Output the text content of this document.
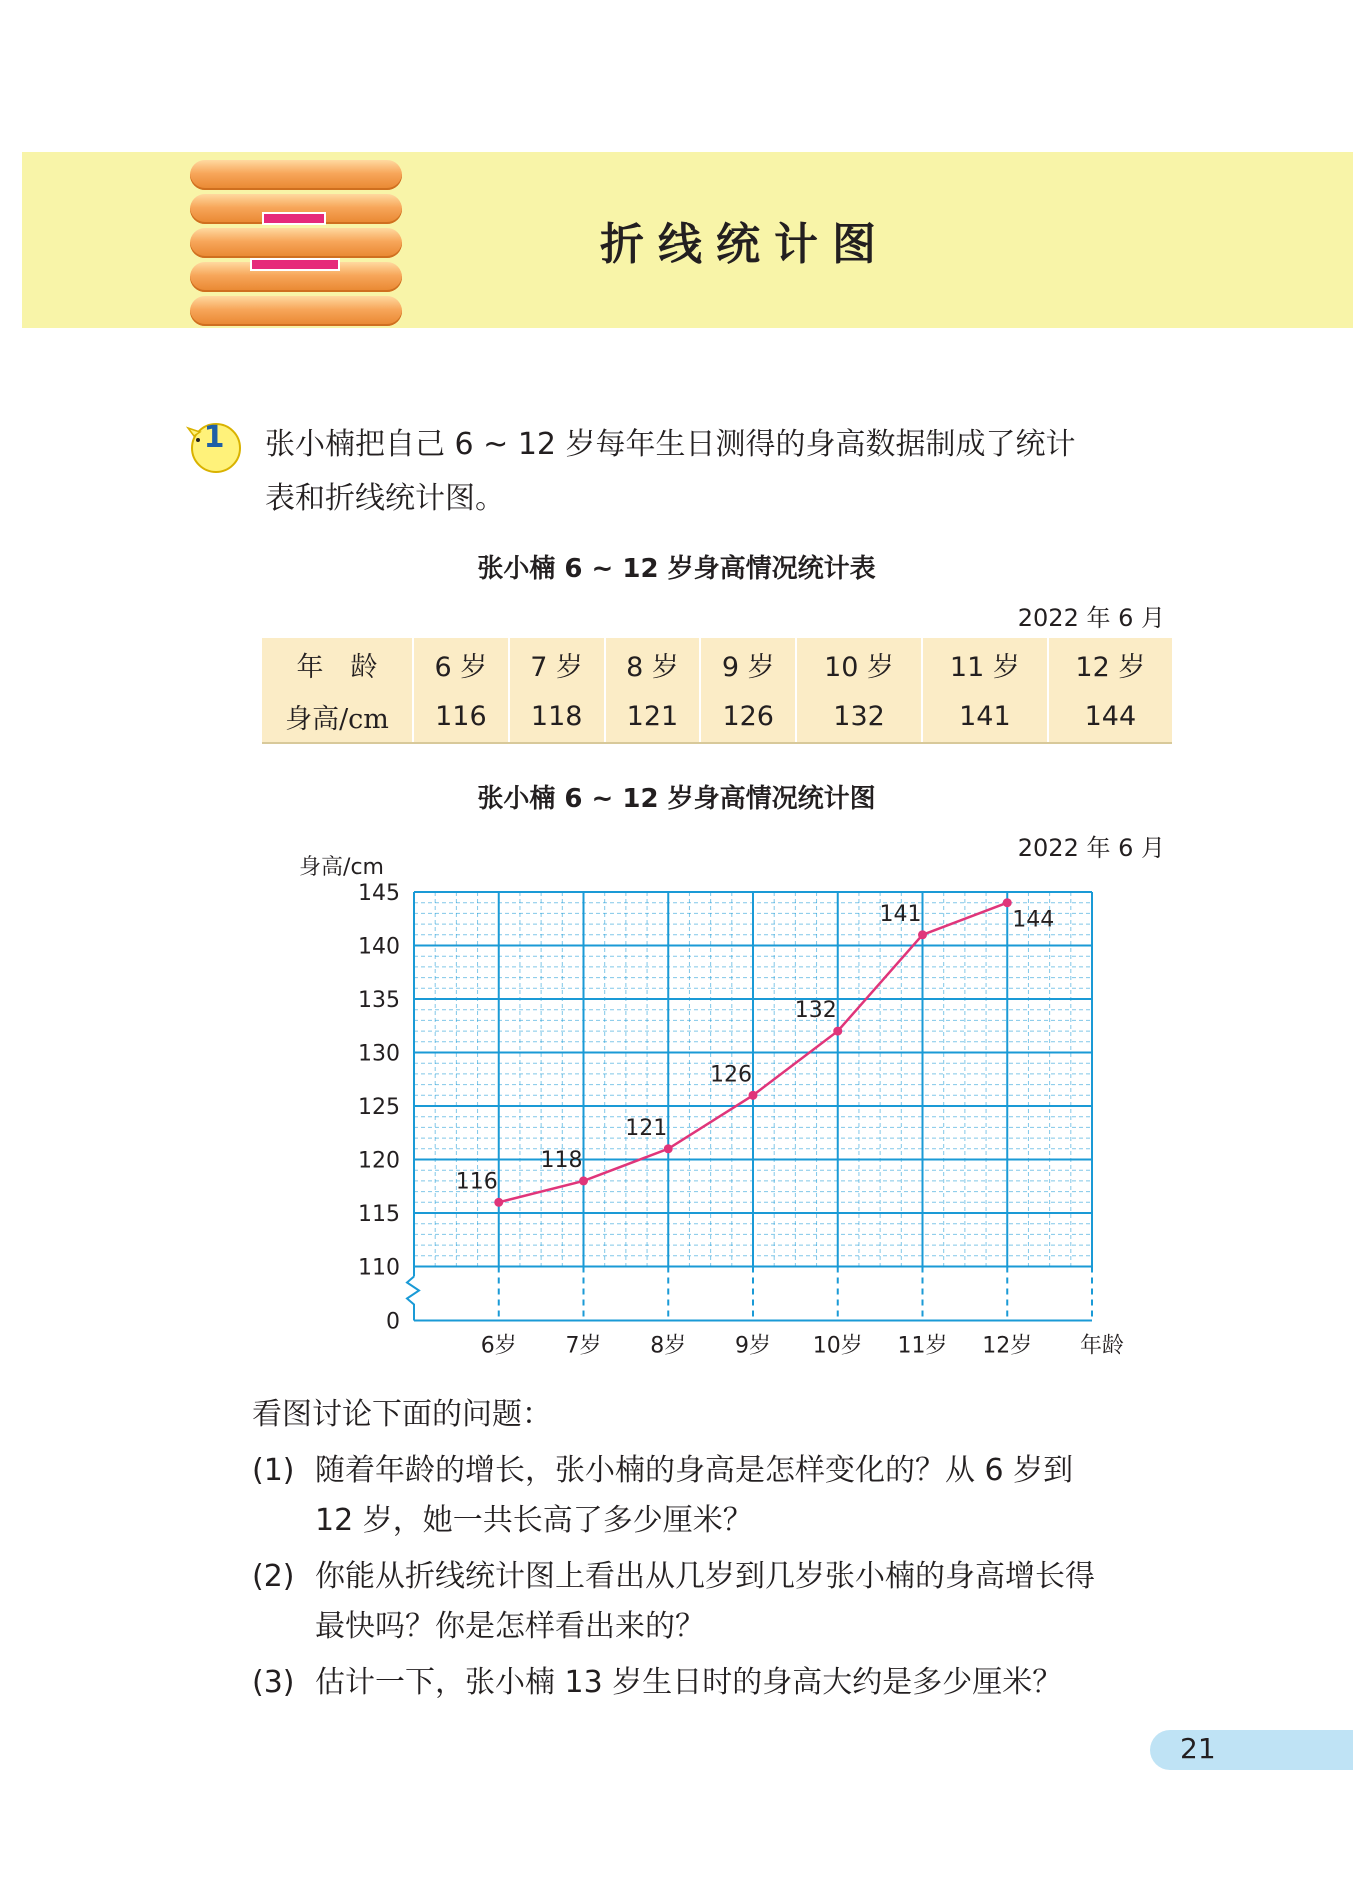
折线统计图
1	张小楠把自己 6 ~ 12 岁每年生日测得的身高数据制成了统计
表和折线统计图。
张小楠 6 ~ 12 岁身高情况统计表
2022 年 6 月
年　龄	6 岁	7 岁	8 岁	9 岁	10 岁	11 岁	12 岁
身高/cm	116	118	121	126	132	141	144
张小楠 6 ~ 12 岁身高情况统计图
2022 年 6 月
145
140
135
130
125
120
115
110
0
身高/cm
6岁 7岁 8岁 9岁 10岁 11岁 12岁 年龄
116
118
121
126
132
141	144
看图讨论下面的问题：
(1) 随着年龄的增长，张小楠的身高是怎样变化的？从 6 岁到
12 岁，她一共长高了多少厘米？
(2) 你能从折线统计图上看出从几岁到几岁张小楠的身高增长得
最快吗？你是怎样看出来的？
(3) 估计一下，张小楠 13 岁生日时的身高大约是多少厘米？
21
